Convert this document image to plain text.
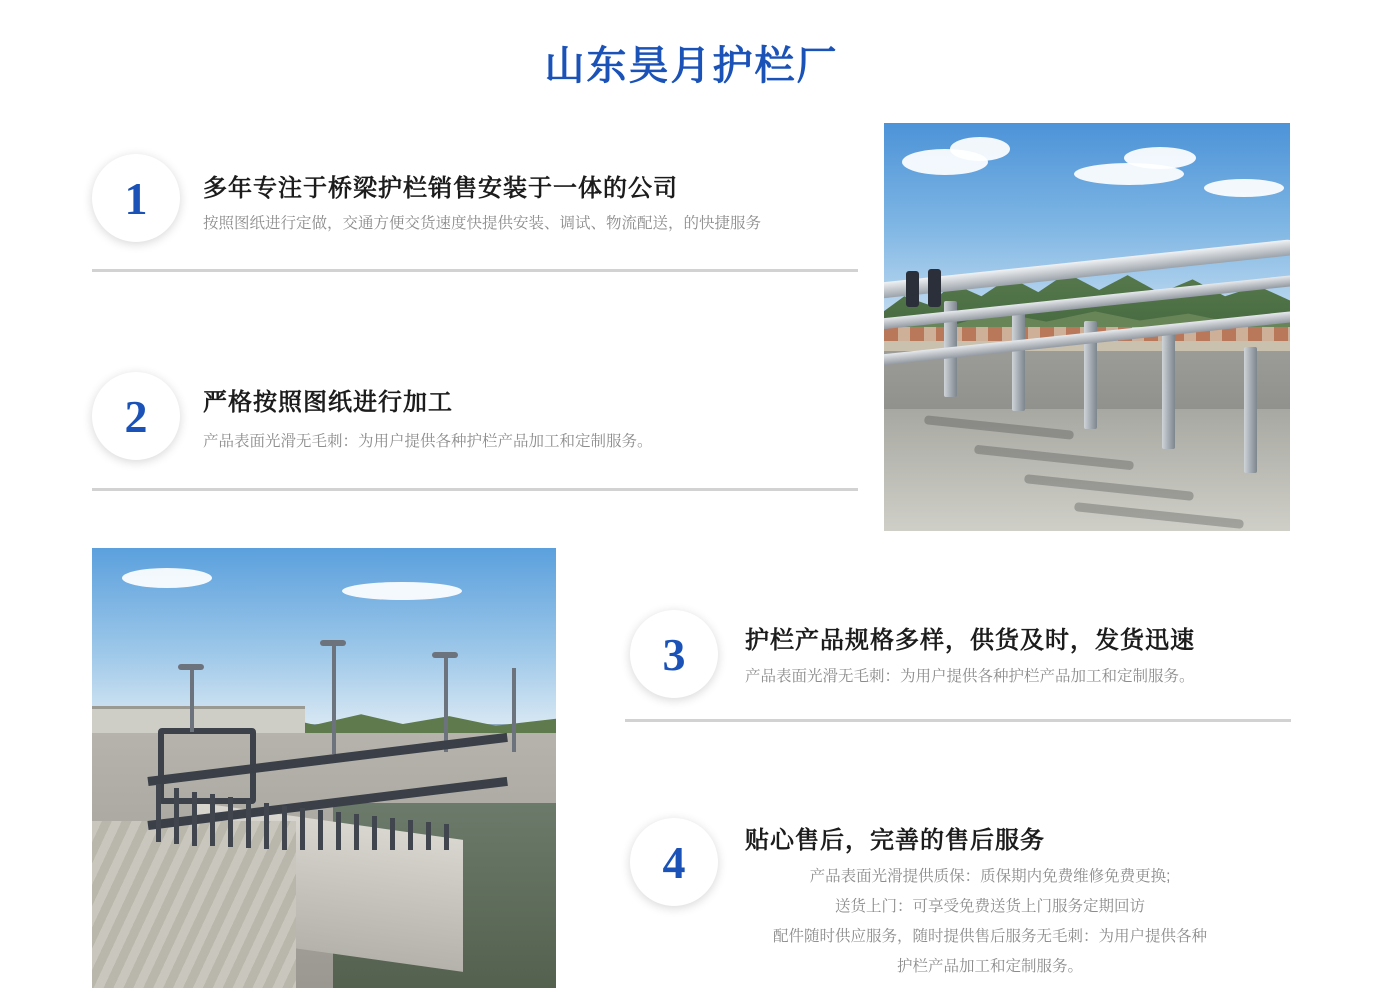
山东昊月护栏厂
1 多年专注于桥梁护栏销售安装于一体的公司
按照图纸进行定做，交通方便交货速度快提供安装、调试、物流配送，的快捷服务
2 严格按照图纸进行加工
产品表面光滑无毛刺：为用户提供各种护栏产品加工和定制服务。
3 护栏产品规格多样，供货及时，发货迅速
产品表面光滑无毛刺：为用户提供各种护栏产品加工和定制服务。
4 贴心售后，完善的售后服务
产品表面光滑提供质保：质保期内免费维修免费更换;
送货上门：可享受免费送货上门服务定期回访
配件随时供应服务，随时提供售后服务无毛刺：为用户提供各种
护栏产品加工和定制服务。
